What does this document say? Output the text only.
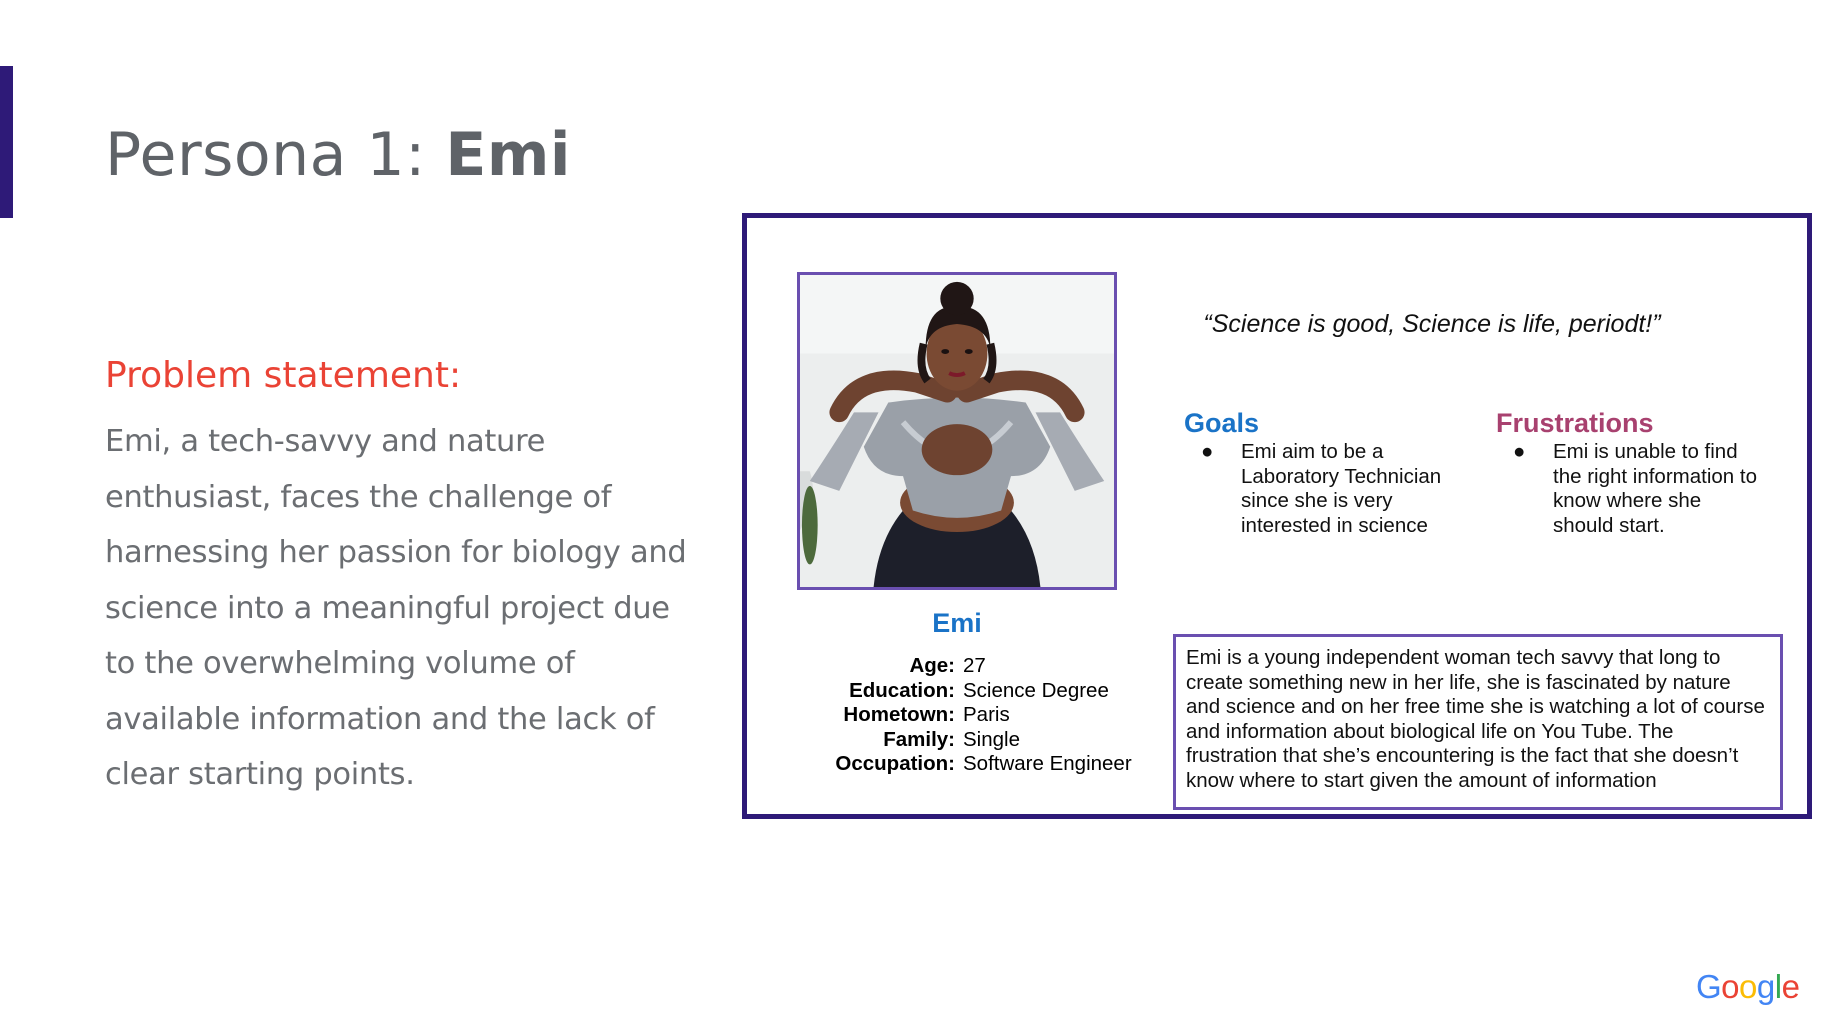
Persona 1: Emi
Problem statement:

Emi, a tech-savvy and nature enthusiast, faces the challenge of harnessing her passion for biology and science into a meaningful project due to the overwhelming volume of available information and the lack of clear starting points.

Emi
Age: 27
Education: Science Degree
Hometown: Paris
Family: Single
Occupation: Software Engineer
“Science is good, Science is life, periodt!”
Goals
● Emi aim to be a Laboratory Technician since she is very interested in science
Frustrations
● Emi is unable to find the right information to know where she should start.
Emi is a young independent woman tech savvy that long to create something new in her life, she is fascinated by nature and science and on her free time she is watching a lot of course and information about biological life on You Tube. The frustration that she’s encountering is the fact that she doesn’t know where to start given the amount of information
Google
